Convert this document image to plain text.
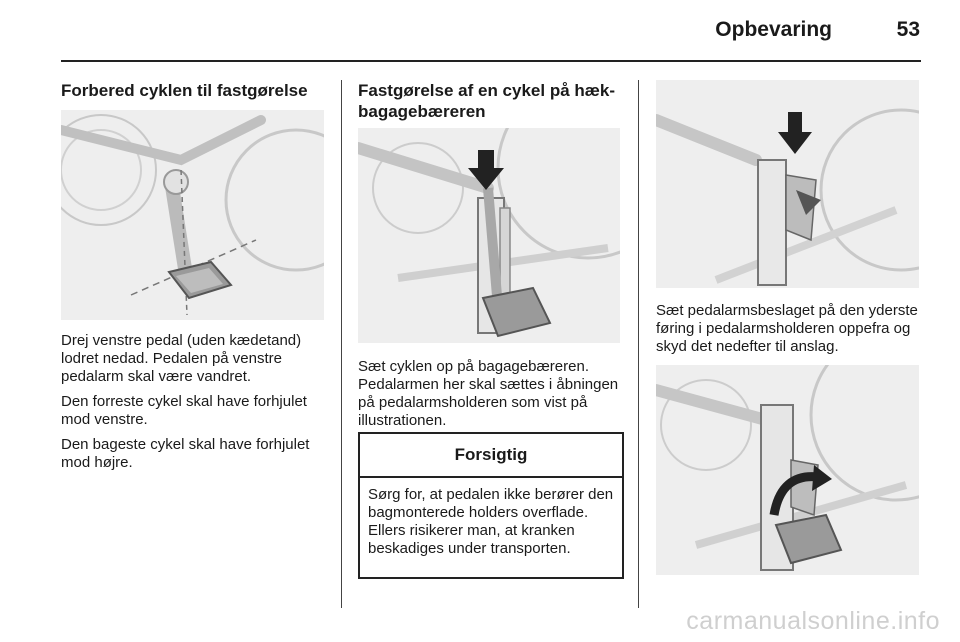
Opbevaring	53
Forbered cyklen til fastgørelse

Drej venstre pedal (uden kædetand) lodret nedad. Pedalen på venstre pedalarm skal være vandret.

Den forreste cykel skal have forhjulet mod venstre.

Den bageste cykel skal have forhjulet mod højre.

Fastgørelse af en cykel på hæk-bagagebæreren

Sæt cyklen op på bagagebæreren. Pedalarmen her skal sættes i åbningen på pedalarmsholderen som vist på illustrationen.

Forsigtig
Sørg for, at pedalen ikke berører den bagmonterede holders overflade. Ellers risikerer man, at kranken beskadiges under transporten.

Sæt pedalarmsbeslaget på den yderste føring i pedalarmsholderen oppefra og skyd det nedefter til anslag.

carmanualsonline.info
